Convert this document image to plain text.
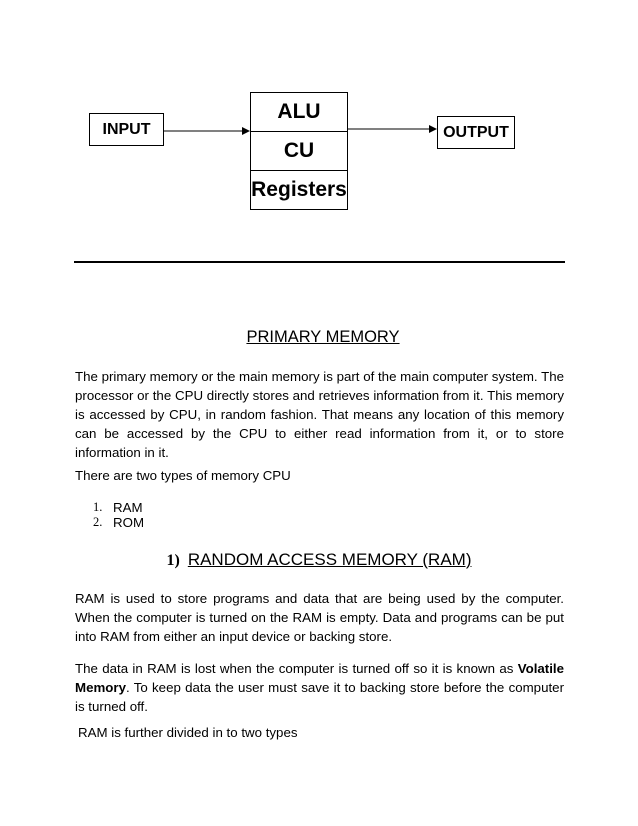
INPUT
ALU
CU
Registers
OUTPUT
PRIMARY MEMORY

The primary memory or the main memory is part of the main computer system. The processor or the CPU directly stores and retrieves information from it. This memory is accessed by CPU, in random fashion. That means any location of this memory can be accessed by the CPU to either read information from it, or to store information in it.

There are two types of memory CPU

1. RAM
2. ROM
1) RANDOM ACCESS MEMORY (RAM)

RAM is used to store programs and data that are being used by the computer. When the computer is turned on the RAM is empty. Data and programs can be put into RAM from either an input device or backing store.

The data in RAM is lost when the computer is turned off so it is known as Volatile Memory. To keep data the user must save it to backing store before the computer is turned off.

RAM is further divided in to two types
